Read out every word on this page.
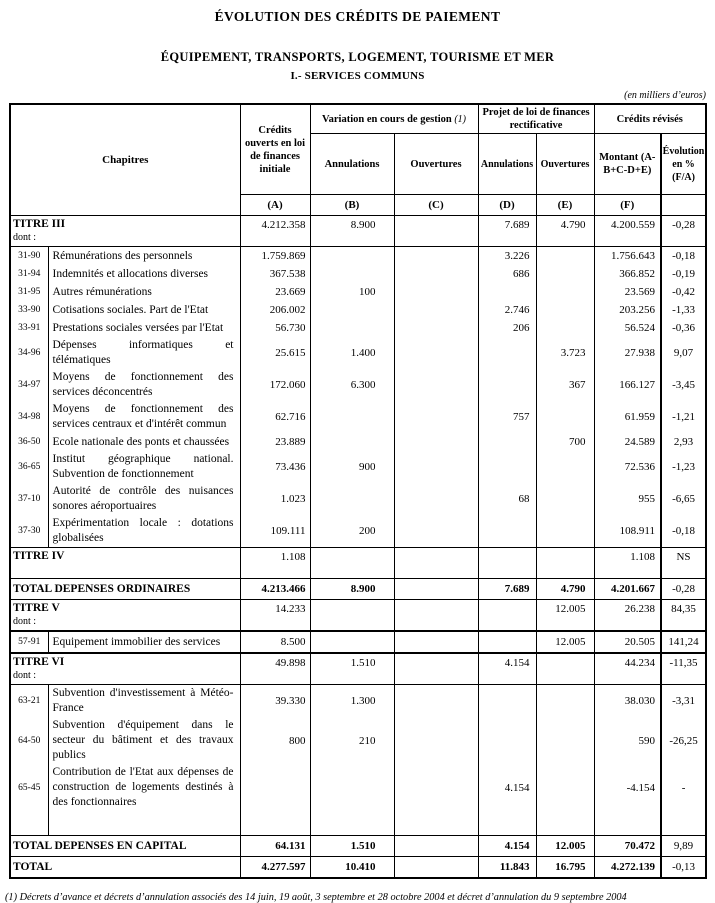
ÉVOLUTION DES CRÉDITS DE PAIEMENT
ÉQUIPEMENT, TRANSPORTS, LOGEMENT, TOURISME ET MER
I.- SERVICES COMMUNS
(en milliers d’euros)
Chapitres		Crédits ouverts en loi de finances initiale	Variation en cours de gestion (1)		Projet de loi de finances rectificative		Crédits révisés	
			Annulations	Ouvertures	Annulations	Ouvertures	Montant (A-B+C-D+E)	Évolution en % (F/A)
		(A)	(B)	(C)	(D)	(E)	(F)	

TITRE III
dont :		4.212.358	8.900		7.689	4.790	4.200.559	-0,28
31-90	Rémunérations des personnels	1.759.869			3.226		1.756.643	-0,18
31-94	Indemnités et allocations diverses	367.538			686		366.852	-0,19
31-95	Autres rémunérations	23.669	100				23.569	-0,42
33-90	Cotisations sociales. Part de l'Etat	206.002			2.746		203.256	-1,33
33-91	Prestations sociales versées par l'Etat	56.730			206		56.524	-0,36
34-96	Dépenses informatiques et télématiques	25.615	1.400			3.723	27.938	9,07
34-97	Moyens de fonctionnement des services déconcentrés	172.060	6.300			367	166.127	-3,45
34-98	Moyens de fonctionnement des services centraux et d'intérêt commun	62.716			757		61.959	-1,21
36-50	Ecole nationale des ponts et chaussées	23.889				700	24.589	2,93
36-65	Institut géographique national. Subvention de fonctionnement	73.436	900				72.536	-1,23
37-10	Autorité de contrôle des nuisances sonores aéroportuaires	1.023			68		955	-6,65
37-30	Expérimentation locale : dotations globalisées	109.111	200				108.911	-0,18

TITRE IV		1.108					1.108	NS
TOTAL DEPENSES ORDINAIRES		4.213.466	8.900		7.689	4.790	4.201.667	-0,28

TITRE V
dont :		14.233				12.005	26.238	84,35
57-91	Equipement immobilier des services	8.500				12.005	20.505	141,24

TITRE VI
dont :		49.898	1.510		4.154		44.234	-11,35
63-21	Subvention d'investissement à Météo-France	39.330	1.300				38.030	-3,31
64-50	Subvention d'équipement dans le secteur du bâtiment et des travaux publics	800	210				590	-26,25
65-45	Contribution de l'Etat aux dépenses de construction de logements destinés à des fonctionnaires				4.154		-4.154	-

TOTAL DEPENSES EN CAPITAL		64.131	1.510		4.154	12.005	70.472	9,89
TOTAL		4.277.597	10.410		11.843	16.795	4.272.139	-0,13
(1) Décrets d’avance et décrets d’annulation associés des 14 juin, 19 août, 3 septembre et 28 octobre 2004 et décret d’annulation du 9 septembre 2004
